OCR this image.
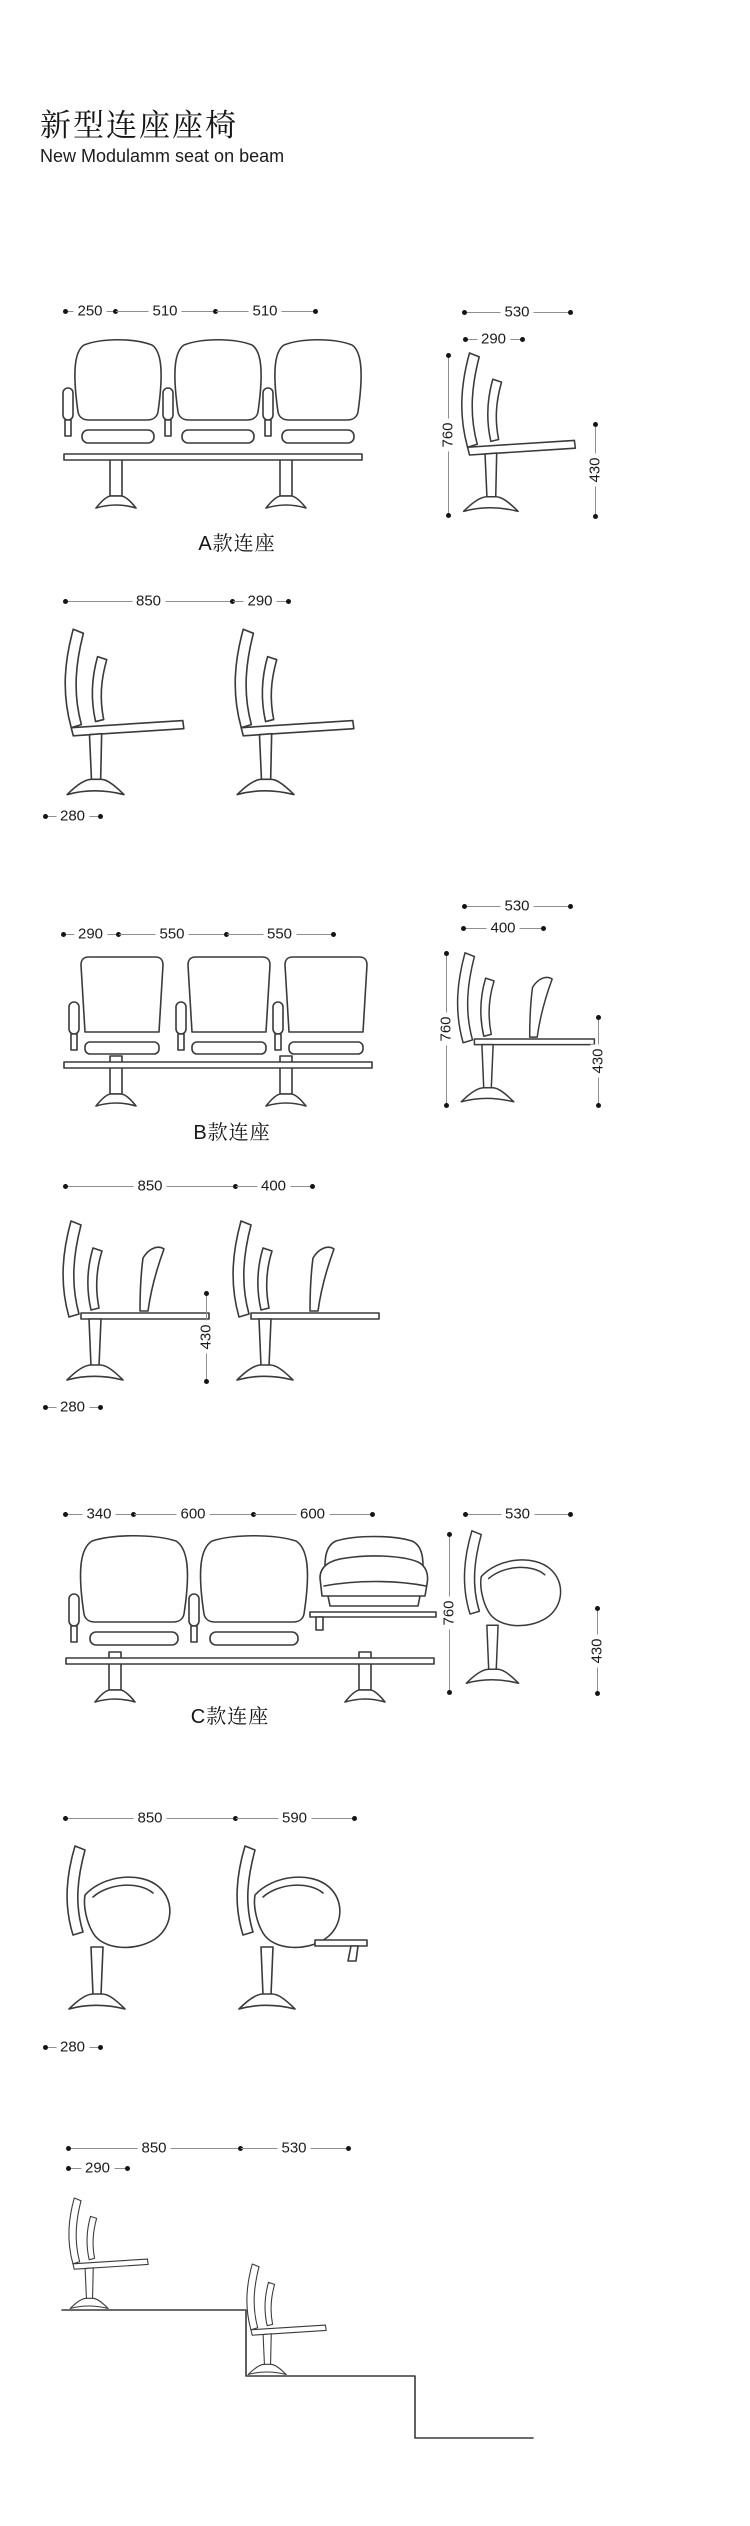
新型连座座椅
New Modulamm seat on beam
250	510	510	530
290
760
430
A款连座
850	290
280
530
400
290	550	550
760
430
B款连座
850	400
430
280
340	600	600	530
760
430
C款连座
850	590
280
850	530
290
